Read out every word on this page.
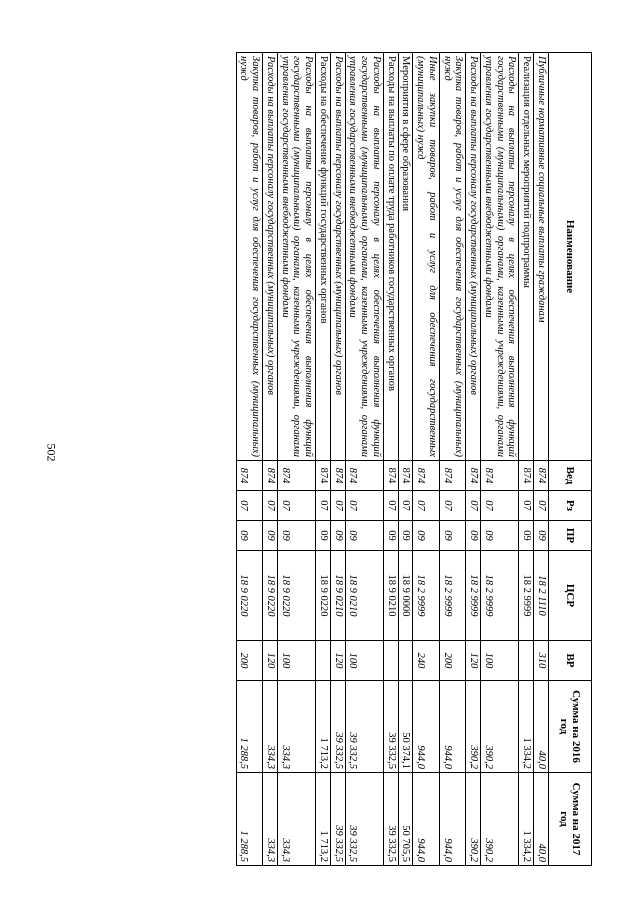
502
Наименование	Вед	Рз	ПР	ЦСР	ВР	Сумма на 2016 год	Сумма на 2017 год
Публичные нормативные социальные выплаты гражданам	874	07	09	18 2 1110	310	40,0	40,0
Реализация отдельных мероприятий подпрограммы	874	07	09	18 2 9999		1 334,2	1 334,2
Расходы на выплаты персоналу в целях обеспечения выполнения функций государственными (муниципальными) органами, казенными учреждениями, органами управления государственными внебюджетными фондами	874	07	09	18 2 9999	100	390,2	390,2
Расходы на выплаты персоналу государственных (муниципальных) органов	874	07	09	18 2 9999	120	390,2	390,2
Закупка товаров, работ и услуг для обеспечения государственных (муниципальных) нужд	874	07	09	18 2 9999	200	944,0	944,0
Иные закупки товаров, работ и услуг для обеспечения государственных (муниципальных) нужд	874	07	09	18 2 9999	240	944,0	944,0
Мероприятия в сфере образования	874	07	09	18 9 0000		50 374,1	50 705,5
Расходы на выплаты по оплате труда работников государственных органов	874	07	09	18 9 0210		39 332,5	39 332,5
Расходы на выплаты персоналу в целях обеспечения выполнения функций государственными (муниципальными) органами, казенными учреждениями, органами управления государственными внебюджетными фондами	874	07	09	18 9 0210	100	39 332,5	39 332,5
Расходы на выплаты персоналу государственных (муниципальных) органов	874	07	09	18 9 0210	120	39 332,5	39 332,5
Расходы на обеспечение функций государственных органов	874	07	09	18 9 0220		1 713,2	1 713,2
Расходы на выплаты персоналу в целях обеспечения выполнения функций государственными (муниципальными) органами, казенными учреждениями, органами управления государственными внебюджетными фондами	874	07	09	18 9 0220	100	334,3	334,3
Расходы на выплаты персоналу государственных (муниципальных) органов	874	07	09	18 9 0220	120	334,3	334,3
Закупка товаров, работ и услуг для обеспечения государственных (муниципальных) нужд	874	07	09	18 9 0220	200	1 288,5	1 288,5
